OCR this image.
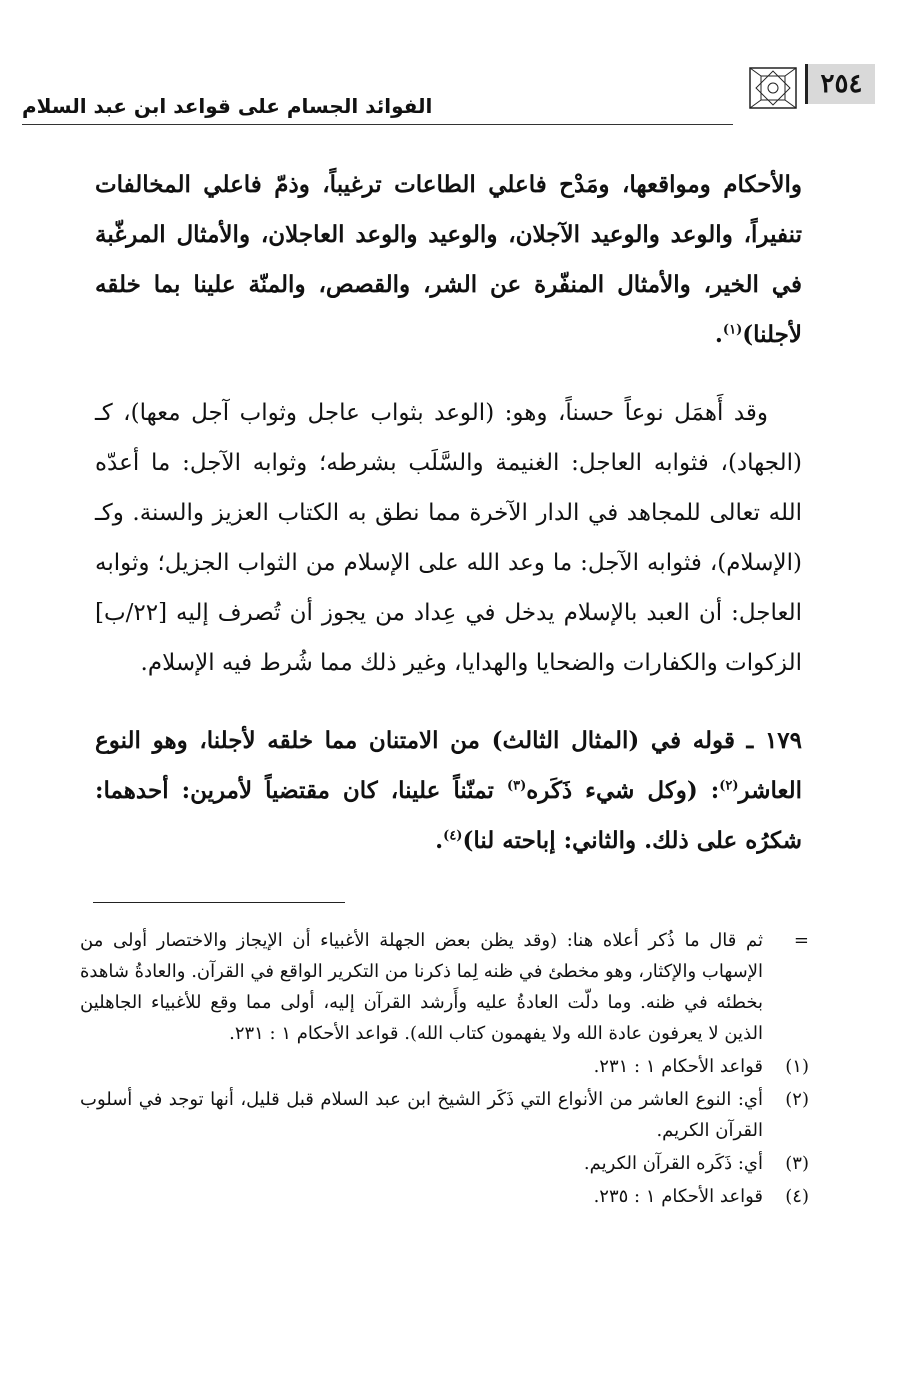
٢٥٤
الفوائد الجسام على قواعد ابن عبد السلام

والأحكام ومواقعها، ومَدْح فاعلي الطاعات ترغيباً، وذمّ فاعلي المخالفات تنفيراً، والوعد والوعيد الآجلان، والوعيد والوعد العاجلان، والأمثال المرغّبة في الخير، والأمثال المنفّرة عن الشر، والقصص، والمنّة علينا بما خلقه لأجلنا)$^{(١)}$.

وقد أَهمَل نوعاً حسناً، وهو: (الوعد بثواب عاجل وثواب آجل معها)، كـ (الجهاد)، فثوابه العاجل: الغنيمة والسَّلَب بشرطه؛ وثوابه الآجل: ما أعدّه الله تعالى للمجاهد في الدار الآخرة مما نطق به الكتاب العزيز والسنة. وكـ (الإسلام)، فثوابه الآجل: ما وعد الله على الإسلام من الثواب الجزيل؛ وثوابه العاجل: أن العبد بالإسلام يدخل في عِداد من يجوز أن تُصرف إليه [٢٢/ب] الزكوات والكفارات والضحايا والهدايا، وغير ذلك مما شُرط فيه الإسلام.

١٧٩ ـ قوله في (المثال الثالث) من الامتنان مما خلقه لأجلنا، وهو النوع العاشر$^{(٢)}$: (وكل شيء ذَكَره$^{(٣)}$ تمنّناً علينا، كان مقتضياً لأمرين: أحدهما: شكرُه على ذلك. والثاني: إباحته لنا)$^{(٤)}$.

=
ثم قال ما ذُكر أعلاه هنا: (وقد يظن بعض الجهلة الأغبياء أن الإيجاز والاختصار أولى من الإسهاب والإكثار، وهو مخطئ في ظنه لِما ذكرنا من التكرير الواقع في القرآن. والعادةُ شاهدة بخطئه في ظنه. وما دلّت العادةُ عليه وأَرشد القرآن إليه، أولى مما وقع للأغبياء الجاهلين الذين لا يعرفون عادة الله ولا يفهمون كتاب الله). قواعد الأحكام ١ : ٢٣١.
(١)
قواعد الأحكام ١ : ٢٣١.
(٢)
أي: النوع العاشر من الأنواع التي ذَكَر الشيخ ابن عبد السلام قبل قليل، أنها توجد في أسلوب القرآن الكريم.
(٣)
أي: ذَكَره القرآن الكريم.
(٤)
قواعد الأحكام ١ : ٢٣٥.
